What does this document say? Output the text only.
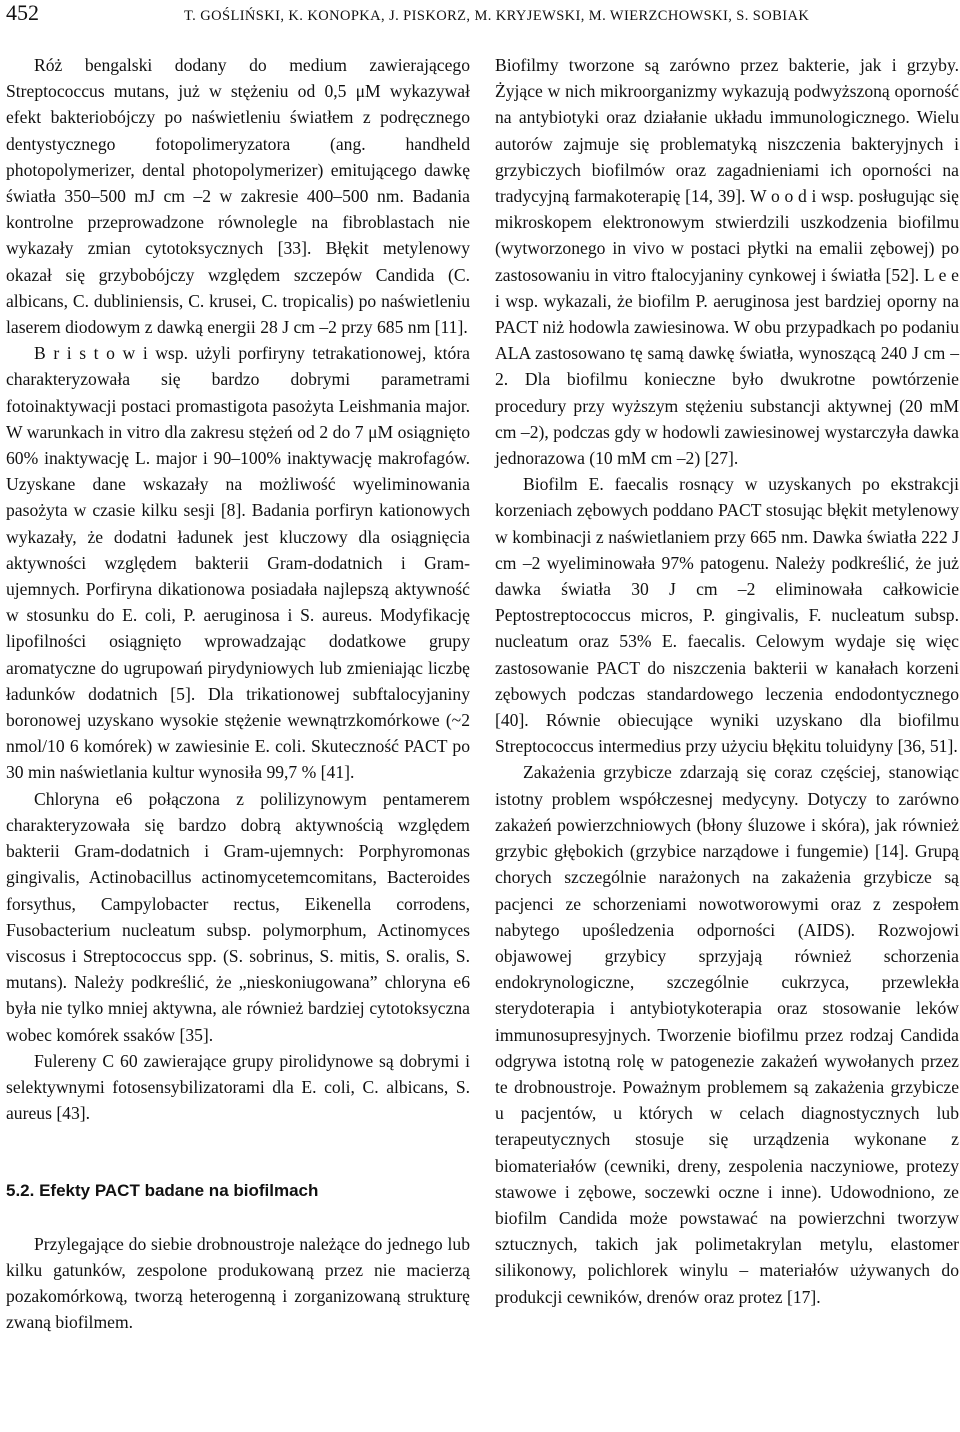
452	T. GOŚLIŃSKI, K. KONOPKA, J. PISKORZ, M. KRYJEWSKI, M. WIERZCHOWSKI, S. SOBIAK

Róż bengalski dodany do medium zawierającego Streptococcus mutans, już w stężeniu od 0,5 μM wykazywał efekt bakteriobójczy po naświetleniu światłem z podręcznego dentystycznego fotopolimeryzatora (ang. handheld photopolymerizer, dental photopolymerizer) emitującego dawkę światła 350–500 mJ cm –2 w zakresie 400–500 nm. Badania kontrolne przeprowadzone równolegle na fibroblastach nie wykazały zmian cytotoksycznych [33]. Błękit metylenowy okazał się grzybobójczy względem szczepów Candida (C. albicans, C. dubliniensis, C. krusei, C. tropicalis) po naświetleniu laserem diodowym z dawką energii 28 J cm –2 przy 685 nm [11].

B r i s t o w i wsp. użyli porfiryny tetrakationowej, która charakteryzowała się bardzo dobrymi parametrami fotoinaktywacji postaci promastigota pasożyta Leishmania major. W warunkach in vitro dla zakresu stężeń od 2 do 7 μM osiągnięto 60% inaktywację L. major i 90–100% inaktywację makrofagów. Uzyskane dane wskazały na możliwość wyeliminowania pasożyta w czasie kilku sesji [8]. Badania porfiryn kationowych wykazały, że dodatni ładunek jest kluczowy dla osiągnięcia aktywności względem bakterii Gram-dodatnich i Gram-ujemnych. Porfiryna dikationowa posiadała najlepszą aktywność w stosunku do E. coli, P. aeruginosa i S. aureus. Modyfikację lipofilności osiągnięto wprowadzając dodatkowe grupy aromatyczne do ugrupowań pirydyniowych lub zmieniając liczbę ładunków dodatnich [5]. Dla trikationowej subftalocyjaniny boronowej uzyskano wysokie stężenie wewnątrzkomórkowe (~2 nmol/10 6 komórek) w zawiesinie E. coli. Skuteczność PACT po 30 min naświetlania kultur wynosiła 99,7 % [41].

Chloryna e6 połączona z polilizynowym pentamerem charakteryzowała się bardzo dobrą aktywnością względem bakterii Gram-dodatnich i Gram-ujemnych: Porphyromonas gingivalis, Actinobacillus actinomycetemcomitans, Bacteroides forsythus, Campylobacter rectus, Eikenella corrodens, Fusobacterium nucleatum subsp. polymorphum, Actinomyces viscosus i Streptococcus spp. (S. sobrinus, S. mitis, S. oralis, S. mutans). Należy podkreślić, że „nieskoniugowana” chloryna e6 była nie tylko mniej aktywna, ale również bardziej cytotoksyczna wobec komórek ssaków [35].

Fulereny C 60 zawierające grupy pirolidynowe są dobrymi i selektywnymi fotosensybilizatorami dla E. coli, C. albicans, S. aureus [43].

5.2. Efekty PACT badane na biofilmach

Przylegające do siebie drobnoustroje należące do jednego lub kilku gatunków, zespolone produkowaną przez nie macierzą pozakomórkową, tworzą heterogenną i zorganizowaną strukturę zwaną biofilmem.

Biofilmy tworzone są zarówno przez bakterie, jak i grzyby. Żyjące w nich mikroorganizmy wykazują podwyższoną oporność na antybiotyki oraz działanie układu immunologicznego. Wielu autorów zajmuje się problematyką niszczenia bakteryjnych i grzybiczych biofilmów oraz zagadnieniami ich oporności na tradycyjną farmakoterapię [14, 39]. W o o d i wsp. posługując się mikroskopem elektronowym stwierdzili uszkodzenia biofilmu (wytworzonego in vivo w postaci płytki na emalii zębowej) po zastosowaniu in vitro ftalocyjaniny cynkowej i światła [52]. L e e i wsp. wykazali, że biofilm P. aeruginosa jest bardziej oporny na PACT niż hodowla zawiesinowa. W obu przypadkach po podaniu ALA zastosowano tę samą dawkę światła, wynoszącą 240 J cm –2. Dla biofilmu konieczne było dwukrotne powtórzenie procedury przy wyższym stężeniu substancji aktywnej (20 mM cm –2), podczas gdy w hodowli zawiesinowej wystarczyła dawka jednorazowa (10 mM cm –2) [27].

Biofilm E. faecalis rosnący w uzyskanych po ekstrakcji korzeniach zębowych poddano PACT stosując błękit metylenowy w kombinacji z naświetlaniem przy 665 nm. Dawka światła 222 J cm –2 wyeliminowała 97% patogenu. Należy podkreślić, że już dawka światła 30 J cm –2 eliminowała całkowicie Peptostreptococcus micros, P. gingivalis, F. nucleatum subsp. nucleatum oraz 53% E. faecalis. Celowym wydaje się więc zastosowanie PACT do niszczenia bakterii w kanałach korzeni zębowych podczas standardowego leczenia endodontycznego [40]. Równie obiecujące wyniki uzyskano dla biofilmu Streptococcus intermedius przy użyciu błękitu toluidyny [36, 51].

Zakażenia grzybicze zdarzają się coraz częściej, stanowiąc istotny problem współczesnej medycyny. Dotyczy to zarówno zakażeń powierzchniowych (błony śluzowe i skóra), jak również grzybic głębokich (grzybice narządowe i fungemie) [14]. Grupą chorych szczególnie narażonych na zakażenia grzybicze są pacjenci ze schorzeniami nowotworowymi oraz z zespołem nabytego upośledzenia odporności (AIDS). Rozwojowi objawowej grzybicy sprzyjają również schorzenia endokrynologiczne, szczególnie cukrzyca, przewlekła sterydoterapia i antybiotykoterapia oraz stosowanie leków immunosupresyjnych. Tworzenie biofilmu przez rodzaj Candida odgrywa istotną rolę w patogenezie zakażeń wywołanych przez te drobnoustroje. Poważnym problemem są zakażenia grzybicze u pacjentów, u których w celach diagnostycznych lub terapeutycznych stosuje się urządzenia wykonane z biomateriałów (cewniki, dreny, zespolenia naczyniowe, protezy stawowe i zębowe, soczewki oczne i inne). Udowodniono, ze biofilm Candida może powstawać na powierzchni tworzyw sztucznych, takich jak polimetakrylan metylu, elastomer silikonowy, polichlorek winylu – materiałów używanych do produkcji cewników, drenów oraz protez [17].
